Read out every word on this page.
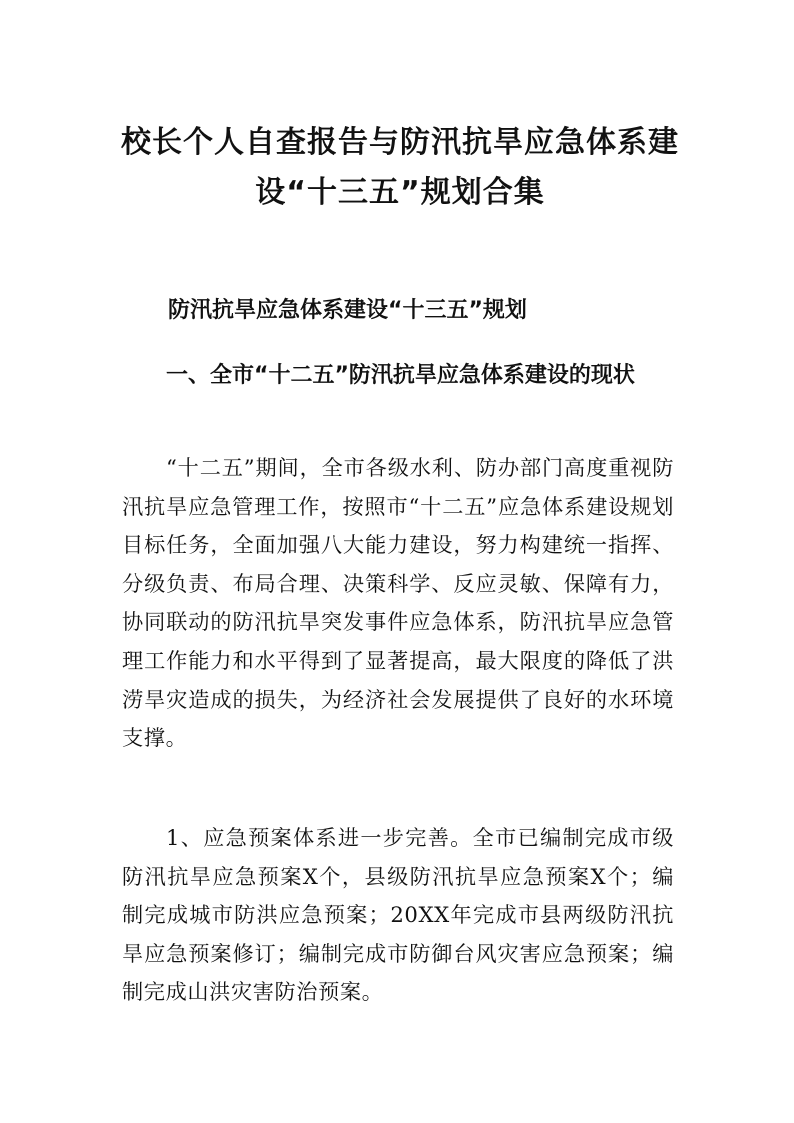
校长个人自查报告与防汛抗旱应急体系建设“十三五”规划合集
防汛抗旱应急体系建设“十三五”规划
一、全市“十二五”防汛抗旱应急体系建设的现状

“十二五”期间，全市各级水利、防办部门高度重视防汛抗旱应急管理工作，按照市“十二五”应急体系建设规划目标任务，全面加强八大能力建设，努力构建统一指挥、分级负责、布局合理、决策科学、反应灵敏、保障有力，协同联动的防汛抗旱突发事件应急体系，防汛抗旱应急管理工作能力和水平得到了显著提高，最大限度的降低了洪涝旱灾造成的损失，为经济社会发展提供了良好的水环境支撑。

1、应急预案体系进一步完善。全市已编制完成市级防汛抗旱应急预案X个，县级防汛抗旱应急预案X个；编制完成城市防洪应急预案；20XX年完成市县两级防汛抗旱应急预案修订；编制完成市防御台风灾害应急预案；编制完成山洪灾害防治预案。
